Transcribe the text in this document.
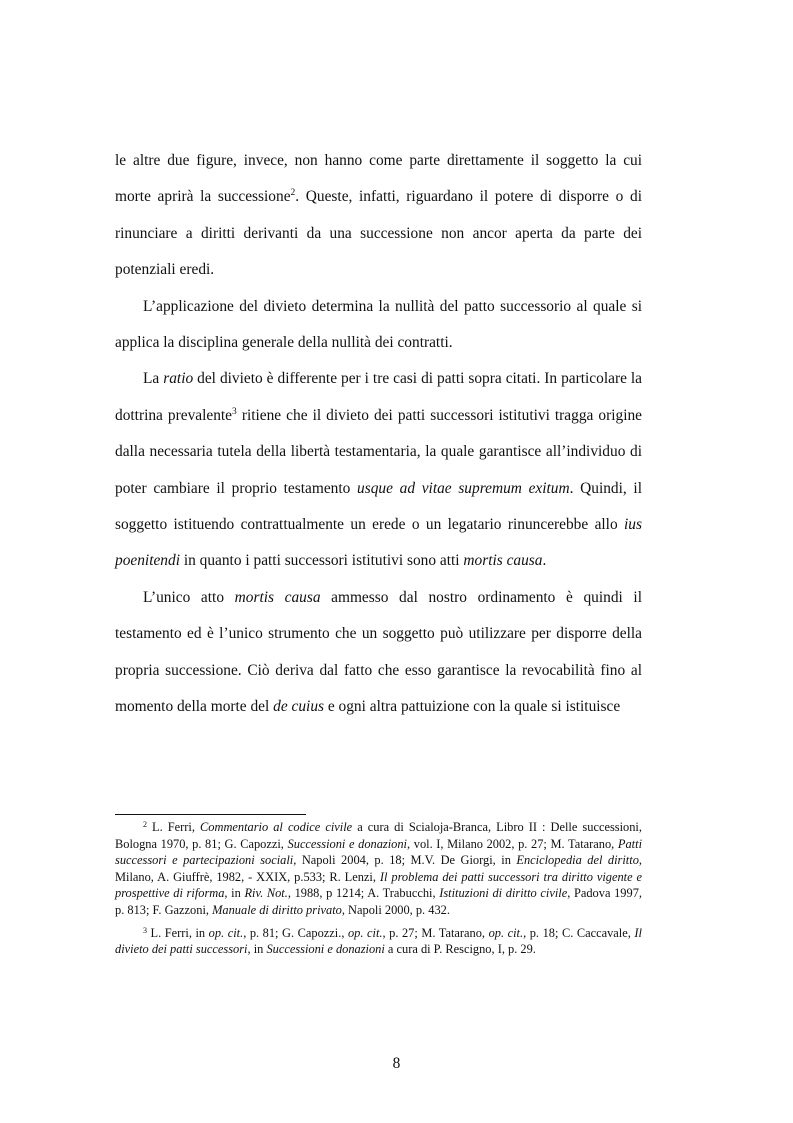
le altre due figure, invece, non hanno come parte direttamente il soggetto la cui morte aprirà la successione$^2$. Queste, infatti, riguardano il potere di disporre o di rinunciare a diritti derivanti da una successione non ancor aperta da parte dei potenziali eredi.

L’applicazione del divieto determina la nullità del patto successorio al quale si applica la disciplina generale della nullità dei contratti.

La ratio del divieto è differente per i tre casi di patti sopra citati. In particolare la dottrina prevalente$^3$ ritiene che il divieto dei patti successori istitutivi tragga origine dalla necessaria tutela della libertà testamentaria, la quale garantisce all’individuo di poter cambiare il proprio testamento usque ad vitae supremum exitum. Quindi, il soggetto istituendo contrattualmente un erede o un legatario rinuncerebbe allo ius poenitendi in quanto i patti successori istitutivi sono atti mortis causa.

L’unico atto mortis causa ammesso dal nostro ordinamento è quindi il testamento ed è l’unico strumento che un soggetto può utilizzare per disporre della propria successione. Ciò deriva dal fatto che esso garantisce la revocabilità fino al momento della morte del de cuius e ogni altra pattuizione con la quale si istituisce

$^2$ L. Ferri, Commentario al codice civile a cura di Scialoja-Branca, Libro II : Delle successioni, Bologna 1970, p. 81; G. Capozzi, Successioni e donazioni, vol. I, Milano 2002, p. 27; M. Tatarano, Patti successori e partecipazioni sociali, Napoli 2004, p. 18; M.V. De Giorgi, in Enciclopedia del diritto, Milano, A. Giuffrè, 1982, - XXIX, p.533; R. Lenzi, Il problema dei patti successori tra diritto vigente e prospettive di riforma, in Riv. Not., 1988, p 1214; A. Trabucchi, Istituzioni di diritto civile, Padova 1997, p. 813; F. Gazzoni, Manuale di diritto privato, Napoli 2000, p. 432.

$^3$ L. Ferri, in op. cit., p. 81; G. Capozzi., op. cit., p. 27; M. Tatarano, op. cit., p. 18; C. Caccavale, Il divieto dei patti successori, in Successioni e donazioni a cura di P. Rescigno, I, p. 29.

8
